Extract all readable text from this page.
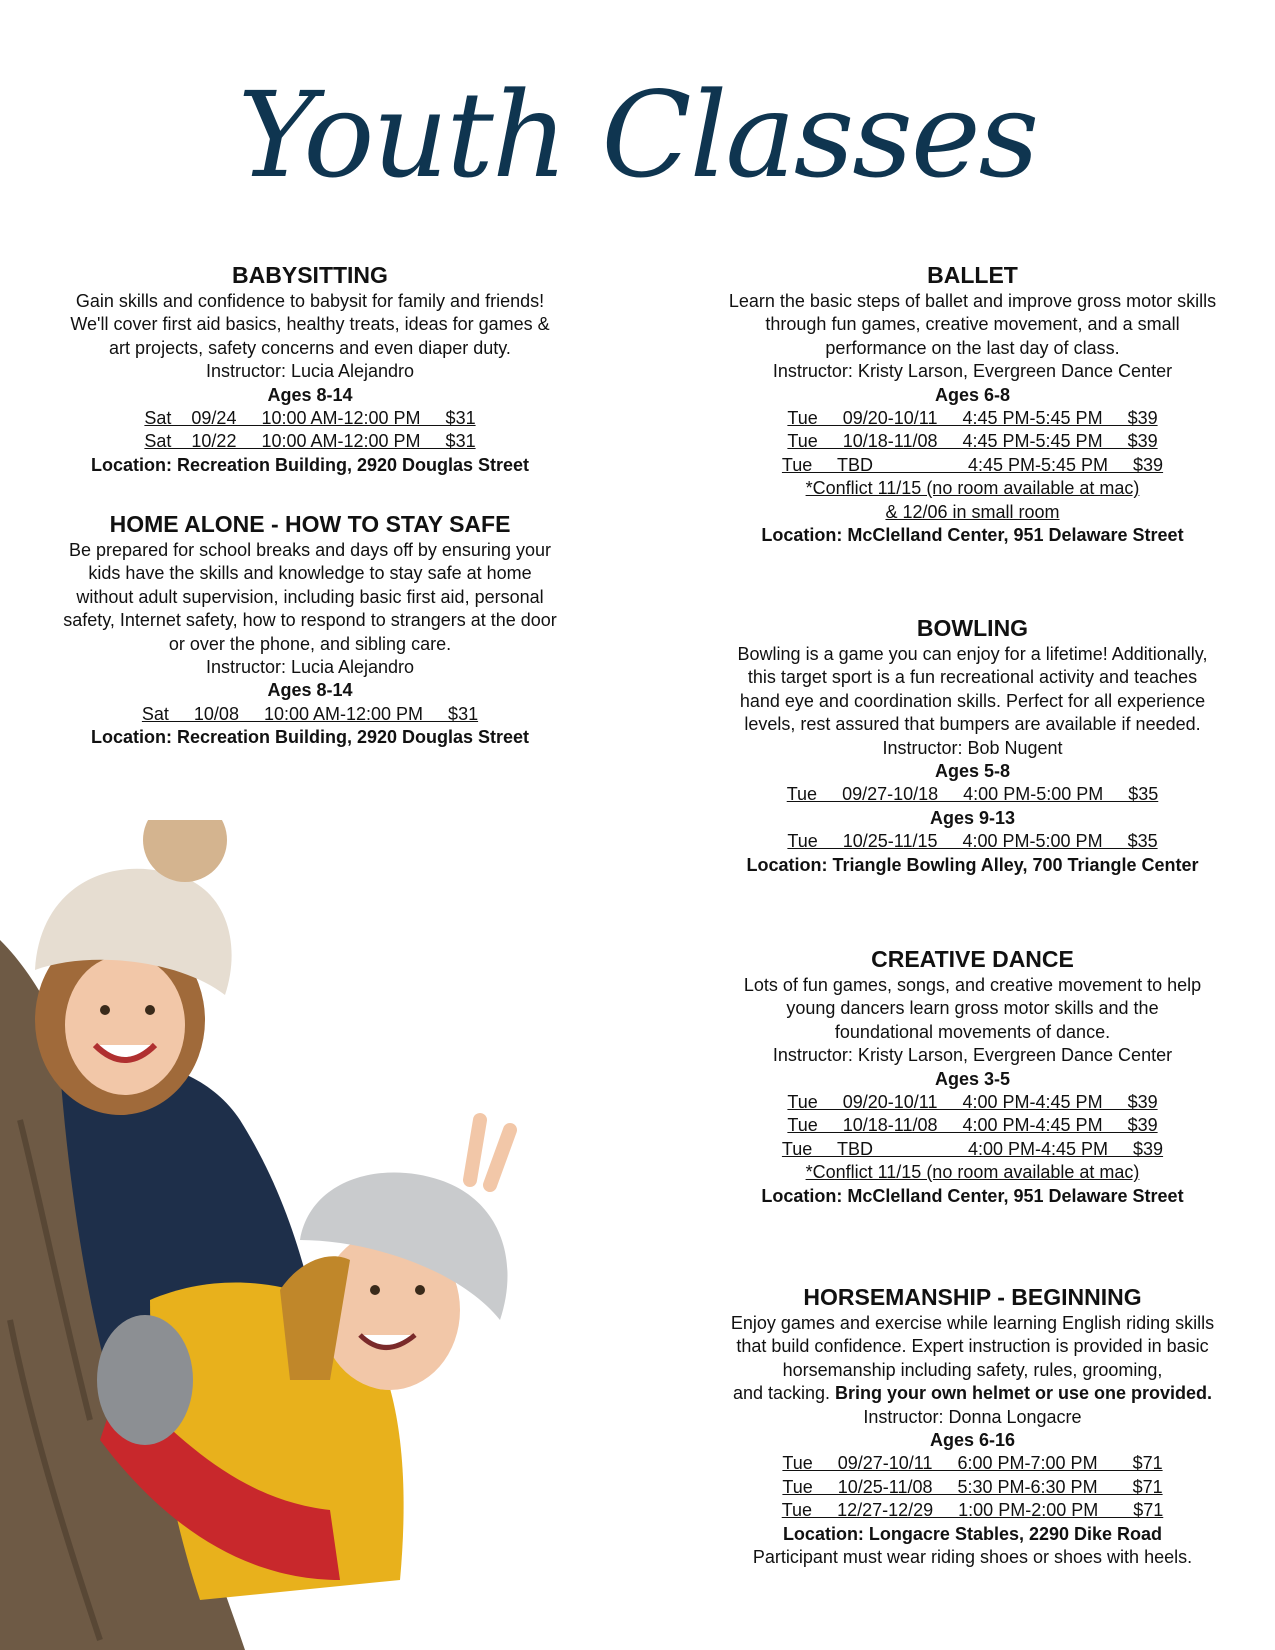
Youth Classes
BABYSITTING
Gain skills and confidence to babysit for family and friends!
We'll cover first aid basics, healthy treats, ideas for games &
art projects, safety concerns and even diaper duty.
Instructor: Lucia Alejandro
Ages 8-14
Sat    09/24     10:00 AM-12:00 PM     $31
Sat    10/22     10:00 AM-12:00 PM     $31
Location: Recreation Building, 2920 Douglas Street
HOME ALONE - HOW TO STAY SAFE
Be prepared for school breaks and days off by ensuring your
kids have the skills and knowledge to stay safe at home
without adult supervision, including basic first aid, personal
safety, Internet safety, how to respond to strangers at the door
or over the phone, and sibling care.
Instructor: Lucia Alejandro
Ages 8-14
Sat     10/08     10:00 AM-12:00 PM     $31
Location: Recreation Building, 2920 Douglas Street
BALLET
Learn the basic steps of ballet and improve gross motor skills
through fun games, creative movement, and a small
performance on the last day of class.
Instructor: Kristy Larson, Evergreen Dance Center
Ages 6-8
Tue     09/20-10/11     4:45 PM-5:45 PM     $39
Tue     10/18-11/08     4:45 PM-5:45 PM     $39
Tue     TBD                   4:45 PM-5:45 PM     $39
*Conflict 11/15 (no room available at mac)
& 12/06 in small room
Location: McClelland Center, 951 Delaware Street
BOWLING
Bowling is a game you can enjoy for a lifetime! Additionally,
this target sport is a fun recreational activity and teaches
hand eye and coordination skills. Perfect for all experience
levels, rest assured that bumpers are available if needed.
Instructor: Bob Nugent
Ages 5-8
Tue     09/27-10/18     4:00 PM-5:00 PM     $35
Ages 9-13
Tue     10/25-11/15     4:00 PM-5:00 PM     $35
Location: Triangle Bowling Alley, 700 Triangle Center
CREATIVE DANCE
Lots of fun games, songs, and creative movement to help
young dancers learn gross motor skills and the
foundational movements of dance.
Instructor: Kristy Larson, Evergreen Dance Center
Ages 3-5
Tue     09/20-10/11     4:00 PM-4:45 PM     $39
Tue     10/18-11/08     4:00 PM-4:45 PM     $39
Tue     TBD                   4:00 PM-4:45 PM     $39
*Conflict 11/15 (no room available at mac)
Location: McClelland Center, 951 Delaware Street
HORSEMANSHIP - BEGINNING
Enjoy games and exercise while learning English riding skills
that build confidence. Expert instruction is provided in basic
horsemanship including safety, rules, grooming,
and tacking. Bring your own helmet or use one provided.
Instructor: Donna Longacre
Ages 6-16
Tue     09/27-10/11     6:00 PM-7:00 PM       $71
Tue     10/25-11/08     5:30 PM-6:30 PM       $71
Tue     12/27-12/29     1:00 PM-2:00 PM       $71
Location: Longacre Stables, 2290 Dike Road
Participant must wear riding shoes or shoes with heels.
